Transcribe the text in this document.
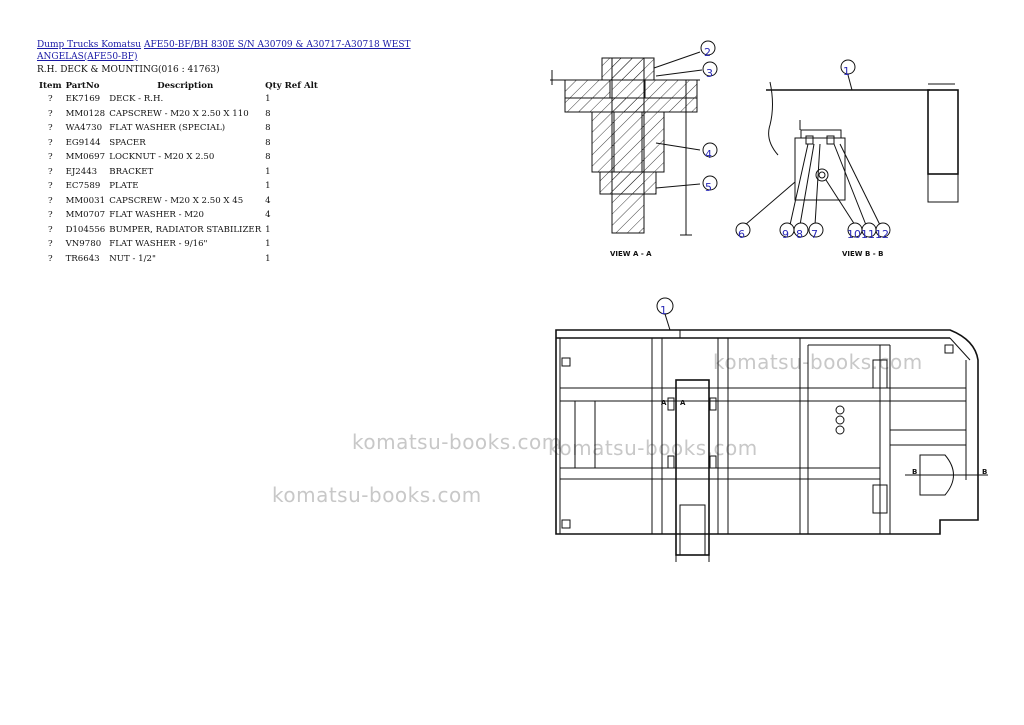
Dump Trucks Komatsu AFE50-BF/BH 830E S/N A30709 & A30717-A30718 WEST ANGELAS(AFE50-BF)
R.H. DECK & MOUNTING(016 : 41763)
Item	PartNo	Description	Qty Ref Alt
?	EK7169	DECK - R.H.	1
?	MM0128	CAPSCREW - M20 X 2.50 X 110	8
?	WA4730	FLAT WASHER (SPECIAL)	8
?	EG9144	SPACER	8
?	MM0697	LOCKNUT - M20 X 2.50	8
?	EJ2443	BRACKET	1
?	EC7589	PLATE	1
?	MM0031	CAPSCREW - M20 X 2.50 X 45	4
?	MM0707	FLAT WASHER - M20	4
?	D104556	BUMPER, RADIATOR STABILIZER	1
?	VN9780	FLAT WASHER - 9/16"	1
?	TR6643	NUT - 1/2"	1
komatsu-books.com
komatsu-books.com
komatsu-books.com
komatsu-books.com
VIEW A - A	VIEW B - B
A A
B	B
2
3
4
5
1
6	9 8 7	10 11 12
1
